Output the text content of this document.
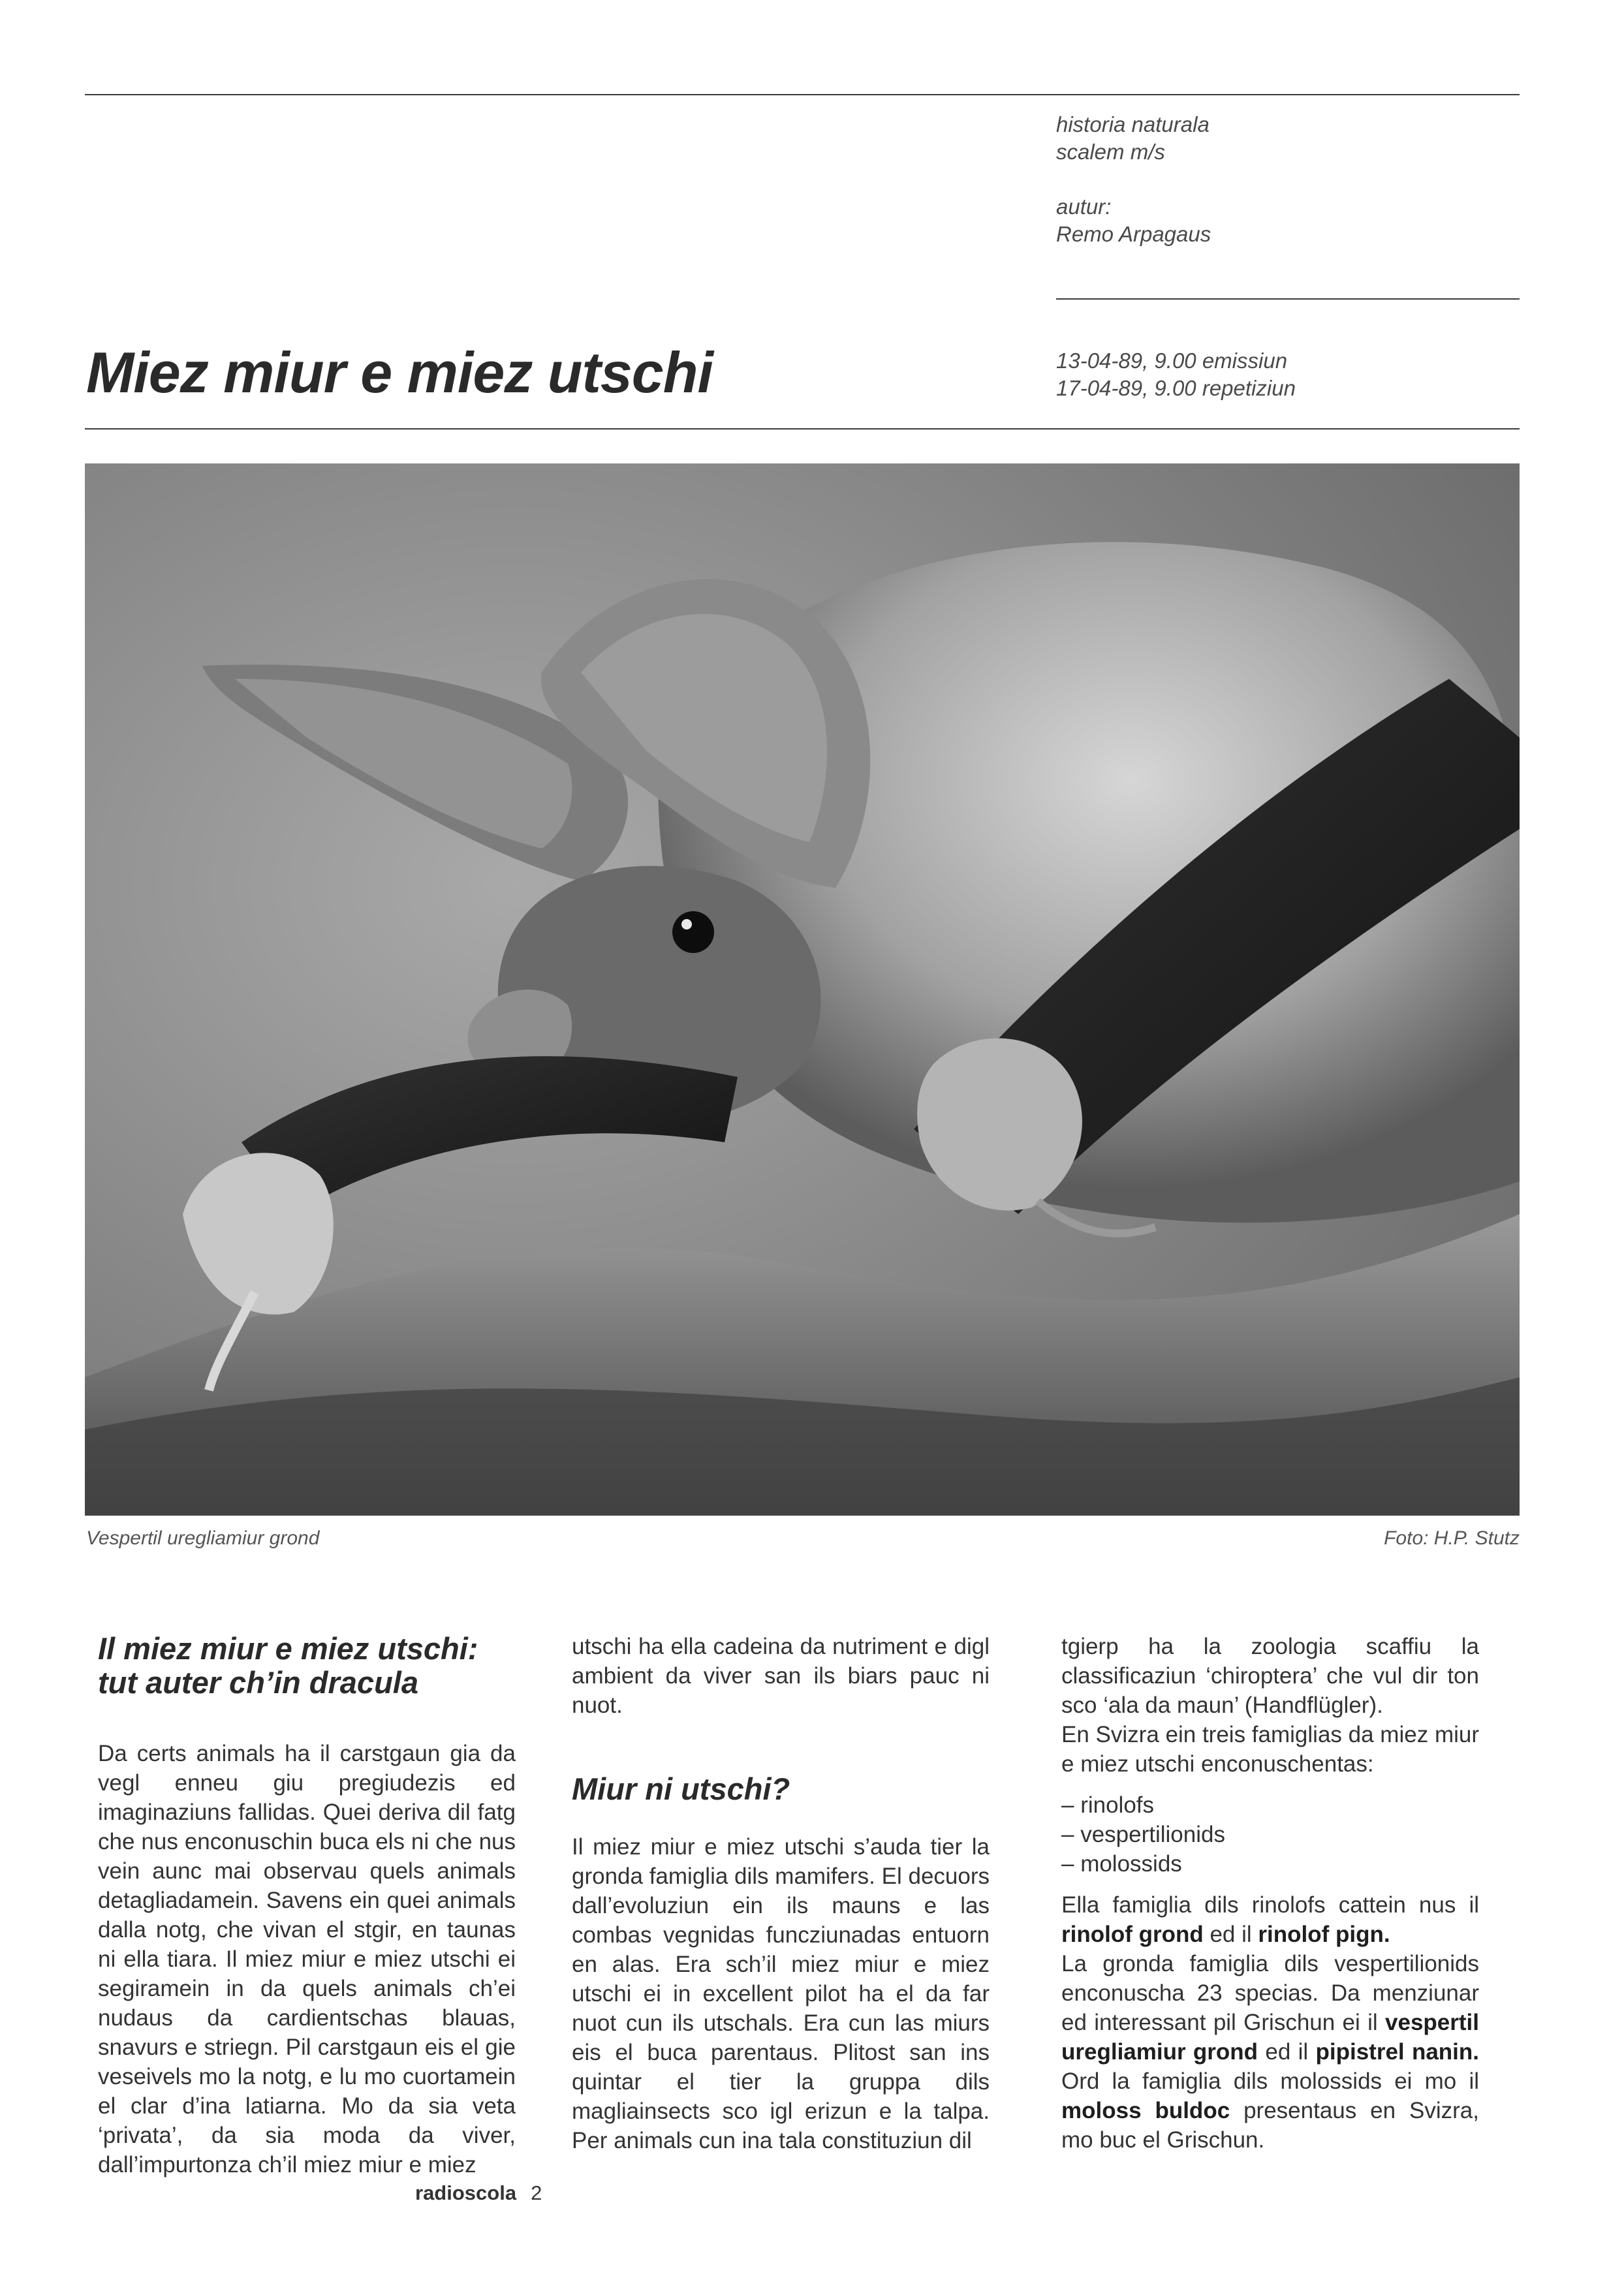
historia naturala
scalem m/s
autur:
Remo Arpagaus
13-04-89, 9.00 emissiun
17-04-89, 9.00 repetiziun
Miez miur e miez utschi
Vespertil uregliamiur grond	Foto: H.P. Stutz
Il miez miur e miez utschi:
tut auter ch’in dracula

Da certs animals ha il carstgaun gia da vegl enneu giu pregiudezis ed imaginaziuns fallidas. Quei deriva dil fatg che nus enconuschin buca els ni che nus vein aunc mai observau quels animals detagliadamein. Savens ein quei animals dalla notg, che vivan el stgir, en taunas ni ella tiara. Il miez miur e miez utschi ei segiramein in da quels animals ch’ei nudaus da cardientschas blauas, snavurs e striegn. Pil carstgaun eis el gie veseivels mo la notg, e lu mo cuortamein el clar d’ina latiarna. Mo da sia veta ‘privata’, da sia moda da viver, dall’impurtonza ch’il miez miur e miez

utschi ha ella cadeina da nutriment e digl ambient da viver san ils biars pauc ni nuot.

Miur ni utschi?

Il miez miur e miez utschi s’auda tier la gronda famiglia dils mamifers. El decuors dall’evoluziun ein ils mauns e las combas vegnidas funcziunadas entuorn en alas. Era sch’il miez miur e miez utschi ei in excellent pilot ha el da far nuot cun ils utschals. Era cun las miurs eis el buca parentaus. Plitost san ins quintar el tier la gruppa dils magliainsects sco igl erizun e la talpa. Per animals cun ina tala constituziun dil

tgierp ha la zoologia scaffiu la classificaziun ‘chiroptera’ che vul dir ton sco ‘ala da maun’ (Handflügler).

En Svizra ein treis famiglias da miez miur e miez utschi enconuschentas:

– rinolofs
– vespertilionids
– molossids

Ella famiglia dils rinolofs cattein nus il rinolof grond ed il rinolof pign.

La gronda famiglia dils vespertilionids enconuscha 23 specias. Da menziunar ed interessant pil Grischun ei il vespertil uregliamiur grond ed il pipistrel nanin. Ord la famiglia dils molossids ei mo il moloss buldoc presentaus en Svizra, mo buc el Grischun.

radioscola 2
